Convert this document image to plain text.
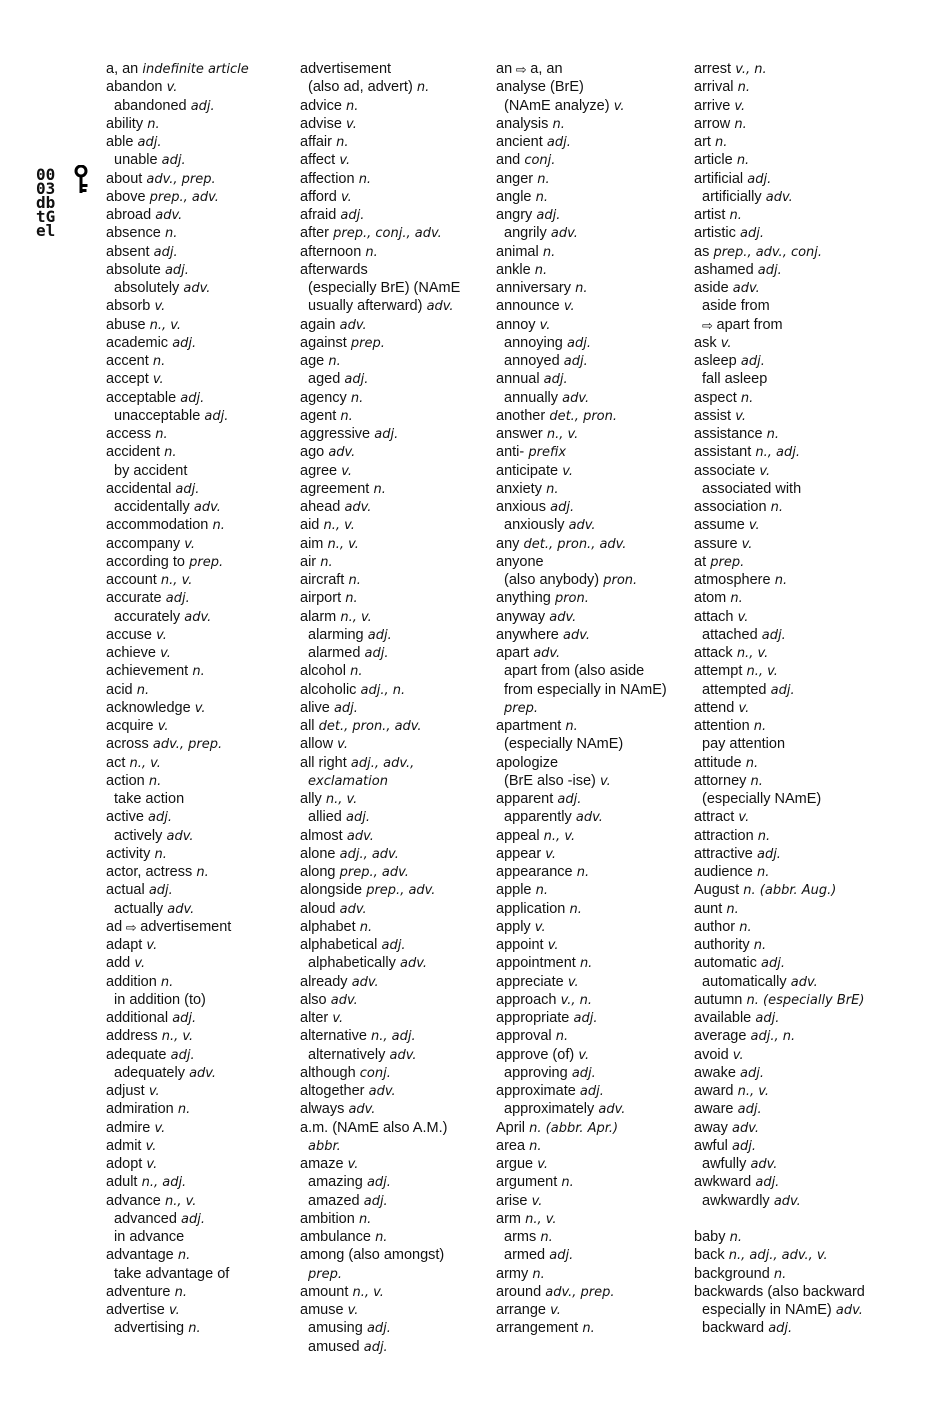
0003dbtGel
a, an indefinite article
abandon v.
abandoned adj.
ability n.
able adj.
unable adj.
about adv., prep.
above prep., adv.
abroad adv.
absence n.
absent adj.
absolute adj.
absolutely adv.
absorb v.
abuse n., v.
academic adj.
accent n.
accept v.
acceptable adj.
unacceptable adj.
access n.
accident n.
by accident
accidental adj.
accidentally adv.
accommodation n.
accompany v.
according to prep.
account n., v.
accurate adj.
accurately adv.
accuse v.
achieve v.
achievement n.
acid n.
acknowledge v.
acquire v.
across adv., prep.
act n., v.
action n.
take action
active adj.
actively adv.
activity n.
actor, actress n.
actual adj.
actually adv.
ad ⇨ advertisement
adapt v.
add v.
addition n.
in addition (to)
additional adj.
address n., v.
adequate adj.
adequately adv.
adjust v.
admiration n.
admire v.
admit v.
adopt v.
adult n., adj.
advance n., v.
advanced adj.
in advance
advantage n.
take advantage of
adventure n.
advertise v.
advertising n.
advertisement
(also ad, advert) n.
advice n.
advise v.
affair n.
affect v.
affection n.
afford v.
afraid adj.
after prep., conj., adv.
afternoon n.
afterwards
(especially BrE) (NAmE
usually afterward) adv.
again adv.
against prep.
age n.
aged adj.
agency n.
agent n.
aggressive adj.
ago adv.
agree v.
agreement n.
ahead adv.
aid n., v.
aim n., v.
air n.
aircraft n.
airport n.
alarm n., v.
alarming adj.
alarmed adj.
alcohol n.
alcoholic adj., n.
alive adj.
all det., pron., adv.
allow v.
all right adj., adv.,
exclamation
ally n., v.
allied adj.
almost adv.
alone adj., adv.
along prep., adv.
alongside prep., adv.
aloud adv.
alphabet n.
alphabetical adj.
alphabetically adv.
already adv.
also adv.
alter v.
alternative n., adj.
alternatively adv.
although conj.
altogether adv.
always adv.
a.m. (NAmE also A.M.)
abbr.
amaze v.
amazing adj.
amazed adj.
ambition n.
ambulance n.
among (also amongst)
prep.
amount n., v.
amuse v.
amusing adj.
amused adj.
an ⇨ a, an
analyse (BrE)
(NAmE analyze) v.
analysis n.
ancient adj.
and conj.
anger n.
angle n.
angry adj.
angrily adv.
animal n.
ankle n.
anniversary n.
announce v.
annoy v.
annoying adj.
annoyed adj.
annual adj.
annually adv.
another det., pron.
answer n., v.
anti- prefix
anticipate v.
anxiety n.
anxious adj.
anxiously adv.
any det., pron., adv.
anyone
(also anybody) pron.
anything pron.
anyway adv.
anywhere adv.
apart adv.
apart from (also aside
from especially in NAmE)
prep.
apartment n.
(especially NAmE)
apologize
(BrE also -ise) v.
apparent adj.
apparently adv.
appeal n., v.
appear v.
appearance n.
apple n.
application n.
apply v.
appoint v.
appointment n.
appreciate v.
approach v., n.
appropriate adj.
approval n.
approve (of) v.
approving adj.
approximate adj.
approximately adv.
April n. (abbr. Apr.)
area n.
argue v.
argument n.
arise v.
arm n., v.
arms n.
armed adj.
army n.
around adv., prep.
arrange v.
arrangement n.
arrest v., n.
arrival n.
arrive v.
arrow n.
art n.
article n.
artificial adj.
artificially adv.
artist n.
artistic adj.
as prep., adv., conj.
ashamed adj.
aside adv.
aside from
⇨ apart from
ask v.
asleep adj.
fall asleep
aspect n.
assist v.
assistance n.
assistant n., adj.
associate v.
associated with
association n.
assume v.
assure v.
at prep.
atmosphere n.
atom n.
attach v.
attached adj.
attack n., v.
attempt n., v.
attempted adj.
attend v.
attention n.
pay attention
attitude n.
attorney n.
(especially NAmE)
attract v.
attraction n.
attractive adj.
audience n.
August n. (abbr. Aug.)
aunt n.
author n.
authority n.
automatic adj.
automatically adv.
autumn n. (especially BrE)
available adj.
average adj., n.
avoid v.
awake adj.
award n., v.
aware adj.
away adv.
awful adj.
awfully adv.
awkward adj.
awkwardly adv.
baby n.
back n., adj., adv., v.
background n.
backwards (also backward
especially in NAmE) adv.
backward adj.
